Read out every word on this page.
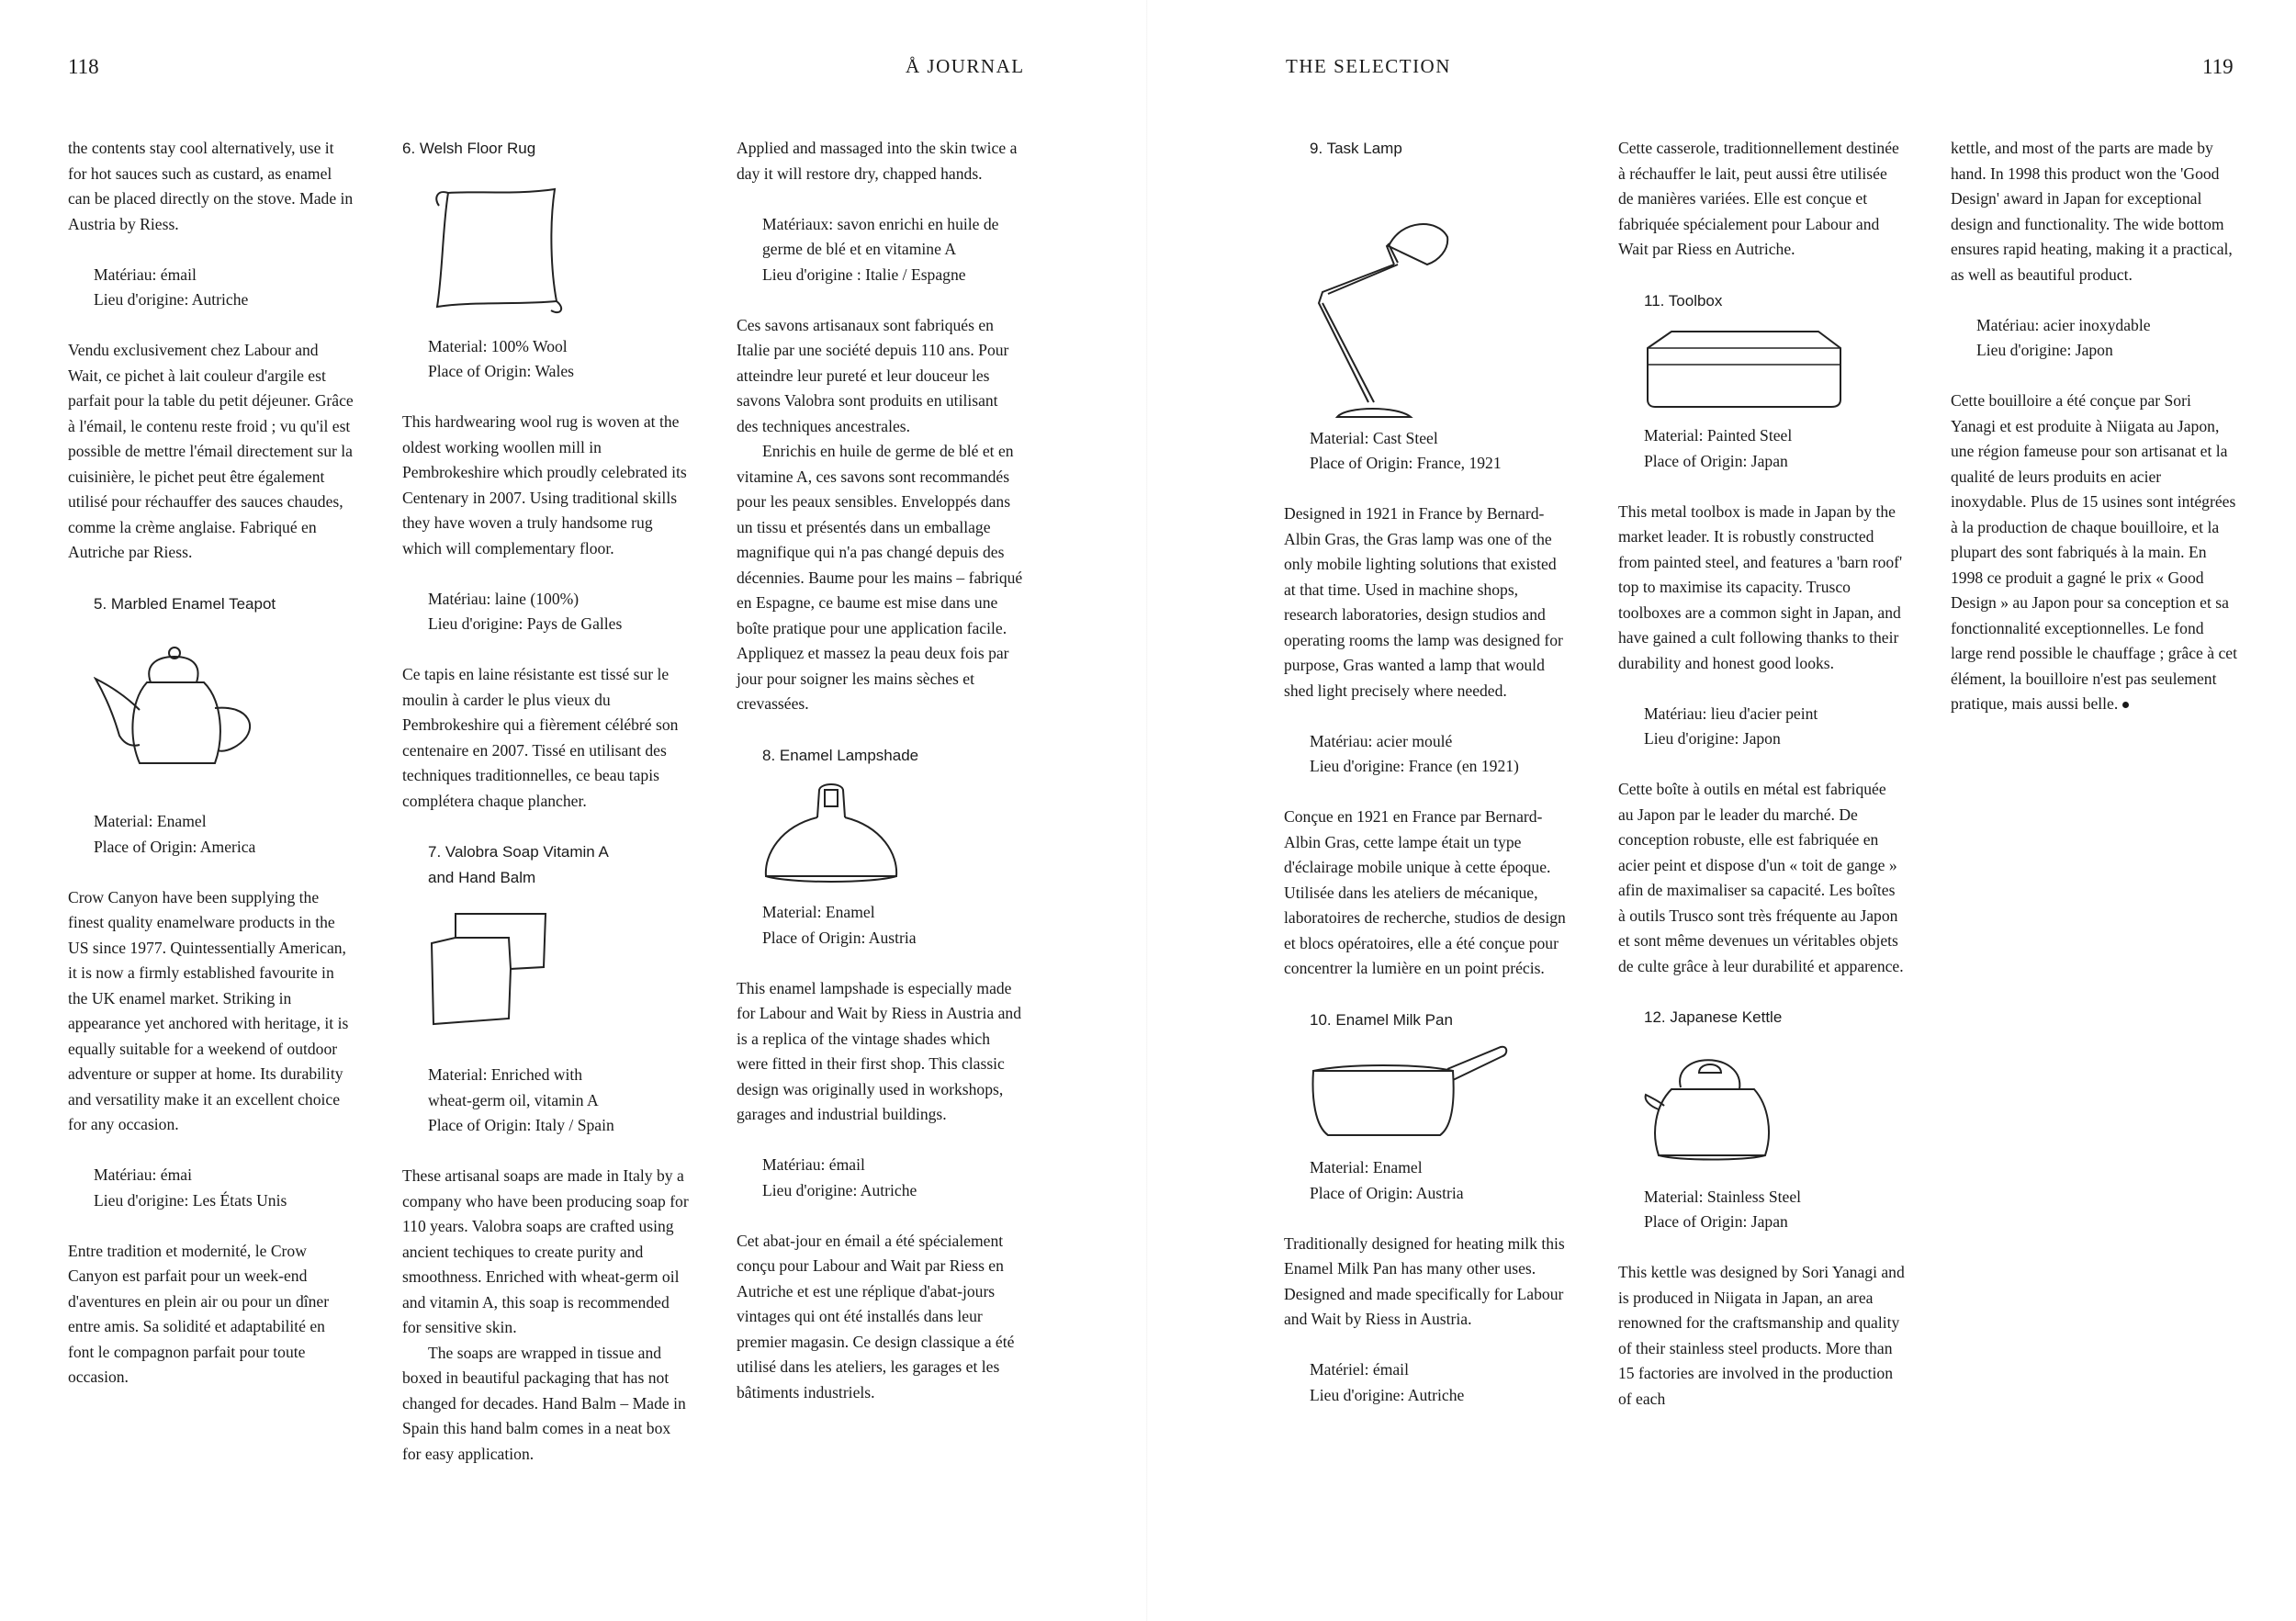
118	Å JOURNAL

the contents stay cool alternatively, use it for hot sauces such as custard, as enamel can be placed directly on the stove. Made in Austria by Riess.

Matériau: émail
Lieu d'origine: Autriche

Vendu exclusivement chez Labour and Wait, ce pichet à lait couleur d'argile est parfait pour la table du petit déjeuner. Grâce à l'émail, le contenu reste froid ; vu qu'il est possible de mettre l'émail directement sur la cuisinière, le pichet peut être également utilisé pour réchauffer des sauces chaudes, comme la crème anglaise. Fabriqué en Autriche par Riess.

5. Marbled Enamel Teapot

Material: Enamel
Place of Origin: America

Crow Canyon have been supplying the finest quality enamelware products in the US since 1977. Quintessentially American, it is now a firmly established favourite in the UK enamel market. Striking in appearance yet anchored with heritage, it is equally suitable for a weekend of outdoor adventure or supper at home. Its durability and versatility make it an excellent choice for any occasion.

Matériau: émai
Lieu d'origine: Les États Unis

Entre tradition et modernité, le Crow Canyon est parfait pour un week-end d'aventures en plein air ou pour un dîner entre amis. Sa solidité et adaptabilité en font le compagnon parfait pour toute occasion.

6. Welsh Floor Rug

Material: 100% Wool
Place of Origin: Wales

This hardwearing wool rug is woven at the oldest working woollen mill in Pembrokeshire which proudly celebrated its Centenary in 2007. Using traditional skills they have woven a truly handsome rug which will complementary floor.

Matériau: laine (100%)
Lieu d'origine: Pays de Galles

Ce tapis en laine résistante est tissé sur le moulin à carder le plus vieux du Pembrokeshire qui a fièrement célébré son centenaire en 2007. Tissé en utilisant des techniques traditionnelles, ce beau tapis complétera chaque plancher.

7. Valobra Soap Vitamin A
and Hand Balm

Material: Enriched with
wheat-germ oil, vitamin A
Place of Origin: Italy / Spain

These artisanal soaps are made in Italy by a company who have been producing soap for 110 years. Valobra soaps are crafted using ancient techiques to create purity and smoothness. Enriched with wheat-germ oil and vitamin A, this soap is recommended for sensitive skin.

The soaps are wrapped in tissue and boxed in beautiful packaging that has not changed for decades. Hand Balm – Made in Spain this hand balm comes in a neat box for easy application.

Applied and massaged into the skin twice a day it will restore dry, chapped hands.

Matériaux: savon enrichi en huile de germe de blé et en vitamine A
Lieu d'origine : Italie / Espagne

Ces savons artisanaux sont fabriqués en Italie par une société depuis 110 ans. Pour atteindre leur pureté et leur douceur les savons Valobra sont produits en utilisant des techniques ancestrales.

Enrichis en huile de germe de blé et en vitamine A, ces savons sont recommandés pour les peaux sensibles. Enveloppés dans un tissu et présentés dans un emballage magnifique qui n'a pas changé depuis des décennies. Baume pour les mains – fabriqué en Espagne, ce baume est mise dans une boîte pratique pour une application facile. Appliquez et massez la peau deux fois par jour pour soigner les mains sèches et crevassées.

8. Enamel Lampshade

Material: Enamel
Place of Origin: Austria

This enamel lampshade is especially made for Labour and Wait by Riess in Austria and is a replica of the vintage shades which were fitted in their first shop. This classic design was originally used in workshops, garages and industrial buildings.

Matériau: émail
Lieu d'origine: Autriche

Cet abat-jour en émail a été spécialement conçu pour Labour and Wait par Riess en Autriche et est une réplique d'abat-jours vintages qui ont été installés dans leur premier magasin. Ce design classique a été utilisé dans les ateliers, les garages et les bâtiments industriels.

THE SELECTION	119
9. Task Lamp

Material: Cast Steel
Place of Origin: France, 1921

Designed in 1921 in France by Bernard-Albin Gras, the Gras lamp was one of the only mobile lighting solutions that existed at that time. Used in machine shops, research laboratories, design studios and operating rooms the lamp was designed for purpose, Gras wanted a lamp that would shed light precisely where needed.

Matériau: acier moulé
Lieu d'origine: France (en 1921)

Conçue en 1921 en France par Bernard-Albin Gras, cette lampe était un type d'éclairage mobile unique à cette époque. Utilisée dans les ateliers de mécanique, laboratoires de recherche, studios de design et blocs opératoires, elle a été conçue pour concentrer la lumière en un point précis.

10. Enamel Milk Pan

Material: Enamel
Place of Origin: Austria

Traditionally designed for heating milk this Enamel Milk Pan has many other uses. Designed and made specifically for Labour and Wait by Riess in Austria.

Matériel: émail
Lieu d'origine: Autriche

Cette casserole, traditionnellement destinée à réchauffer le lait, peut aussi être utilisée de manières variées. Elle est conçue et fabriquée spécialement pour Labour and Wait par Riess en Autriche.

11. Toolbox

Material: Painted Steel
Place of Origin: Japan

This metal toolbox is made in Japan by the market leader. It is robustly constructed from painted steel, and features a 'barn roof' top to maximise its capacity. Trusco toolboxes are a common sight in Japan, and have gained a cult following thanks to their durability and honest good looks.

Matériau: lieu d'acier peint
Lieu d'origine: Japon

Cette boîte à outils en métal est fabriquée au Japon par le leader du marché. De conception robuste, elle est fabriquée en acier peint et dispose d'un « toit de gange » afin de maximaliser sa capacité. Les boîtes à outils Trusco sont très fréquente au Japon et sont même devenues un véritables objets de culte grâce à leur durabilité et apparence.

12. Japanese Kettle

Material: Stainless Steel
Place of Origin: Japan

This kettle was designed by Sori Yanagi and is produced in Niigata in Japan, an area renowned for the craftsmanship and quality of their stainless steel products. More than 15 factories are involved in the production of each

kettle, and most of the parts are made by hand. In 1998 this product won the 'Good Design' award in Japan for exceptional design and functionality. The wide bottom ensures rapid heating, making it a practical, as well as beautiful product.

Matériau: acier inoxydable
Lieu d'origine: Japon

Cette bouilloire a été conçue par Sori Yanagi et est produite à Niigata au Japon, une région fameuse pour son artisanat et la qualité de leurs produits en acier inoxydable. Plus de 15 usines sont intégrées à la production de chaque bouilloire, et la plupart des sont fabriqués à la main. En 1998 ce produit a gagné le prix « Good Design » au Japon pour sa conception et sa fonctionnalité exceptionnelles. Le fond large rend possible le chauffage ; grâce à cet élément, la bouilloire n'est pas seulement pratique, mais aussi belle.
